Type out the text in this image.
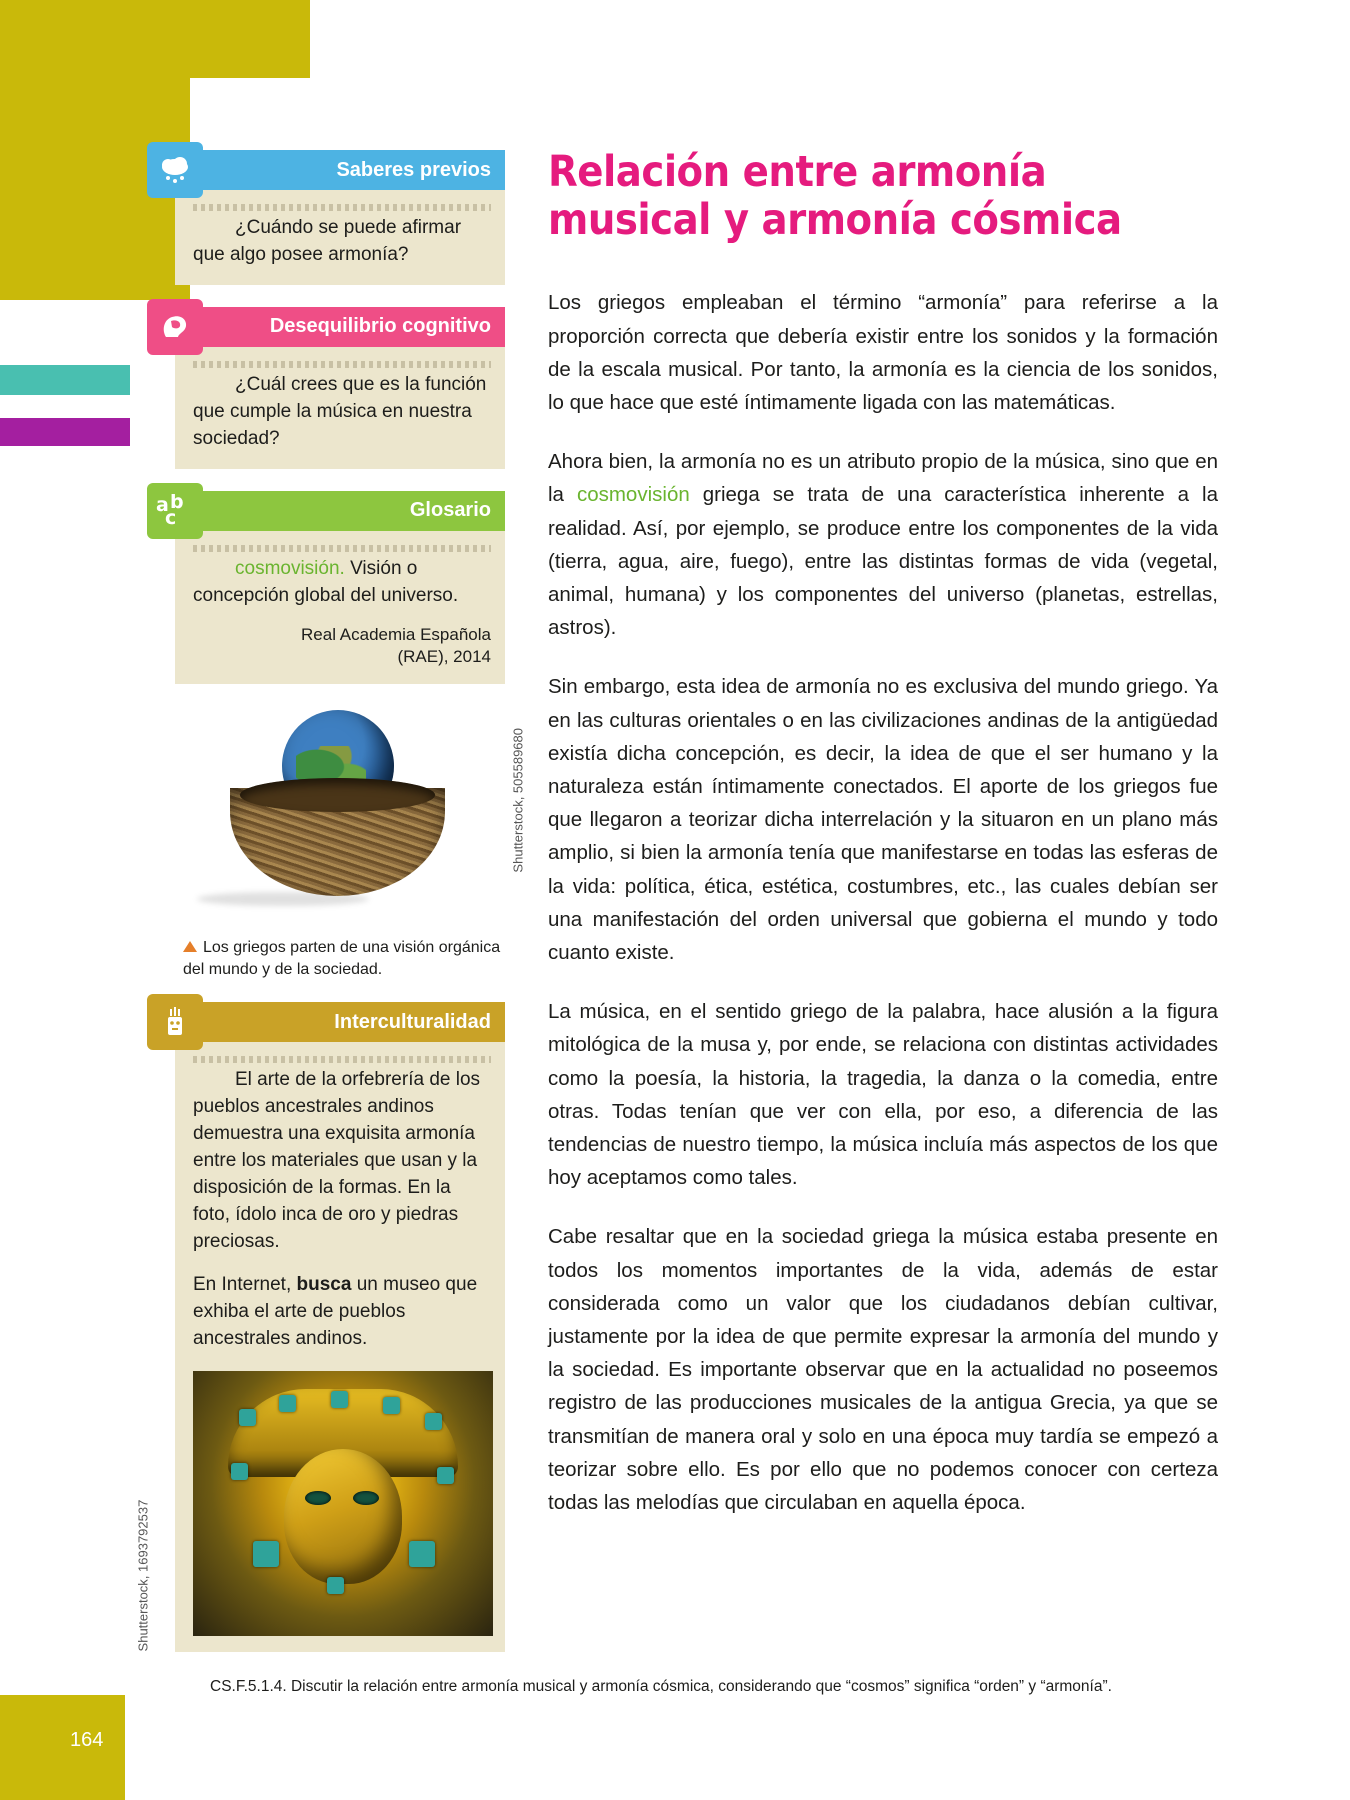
164
Saberes previos

¿Cuándo se puede afirmar que algo posee armonía?

Desequilibrio cognitivo

¿Cuál crees que es la función que cumple la música en nuestra sociedad?

a b
c	Glosario

cosmovisión. Visión o concepción global del universo.

Real Academia Española
(RAE), 2014
Shutterstock, 505589680
Los griegos parten de una visión orgánica del mundo y de la sociedad.
Interculturalidad

El arte de la orfebrería de los pueblos ancestrales andinos demuestra una exquisita armonía entre los materiales que usan y la disposición de la formas. En la foto, ídolo inca de oro y piedras preciosas.

En Internet, busca un museo que exhiba el arte de pueblos ancestrales andinos.

Shutterstock, 1693792537
Relación entre armonía
musical y armonía cósmica

Los griegos empleaban el término “armonía” para referirse a la proporción correcta que debería existir entre los sonidos y la formación de la escala musical. Por tanto, la armonía es la ciencia de los sonidos, lo que hace que esté íntimamente ligada con las matemáticas.

Ahora bien, la armonía no es un atributo propio de la música, sino que en la cosmovisión griega se trata de una característica inherente a la realidad. Así, por ejemplo, se produce entre los componentes de la vida (tierra, agua, aire, fuego), entre las distintas formas de vida (vegetal, animal, humana) y los componentes del universo (planetas, estrellas, astros).

Sin embargo, esta idea de armonía no es exclusiva del mundo griego. Ya en las culturas orientales o en las civilizaciones andinas de la antigüedad existía dicha concepción, es decir, la idea de que el ser humano y la naturaleza están íntimamente conectados. El aporte de los griegos fue que llegaron a teorizar dicha interrelación y la situaron en un plano más amplio, si bien la armonía tenía que manifestarse en todas las esferas de la vida: política, ética, estética, costumbres, etc., las cuales debían ser una manifestación del orden universal que gobierna el mundo y todo cuanto existe.

La música, en el sentido griego de la palabra, hace alusión a la figura mitológica de la musa y, por ende, se relaciona con distintas actividades como la poesía, la historia, la tragedia, la danza o la comedia, entre otras. Todas tenían que ver con ella, por eso, a diferencia de las tendencias de nuestro tiempo, la música incluía más aspectos de los que hoy aceptamos como tales.

Cabe resaltar que en la sociedad griega la música estaba presente en todos los momentos importantes de la vida, además de estar considerada como un valor que los ciudadanos debían cultivar, justamente por la idea de que permite expresar la armonía del mundo y la sociedad. Es importante observar que en la actualidad no poseemos registro de las producciones musicales de la antigua Grecia, ya que se transmitían de manera oral y solo en una época muy tardía se empezó a teorizar sobre ello. Es por ello que no podemos conocer con certeza todas las melodías que circulaban en aquella época.

CS.F.5.1.4. Discutir la relación entre armonía musical y armonía cósmica, considerando que “cosmos” significa “orden” y “armonía”.
